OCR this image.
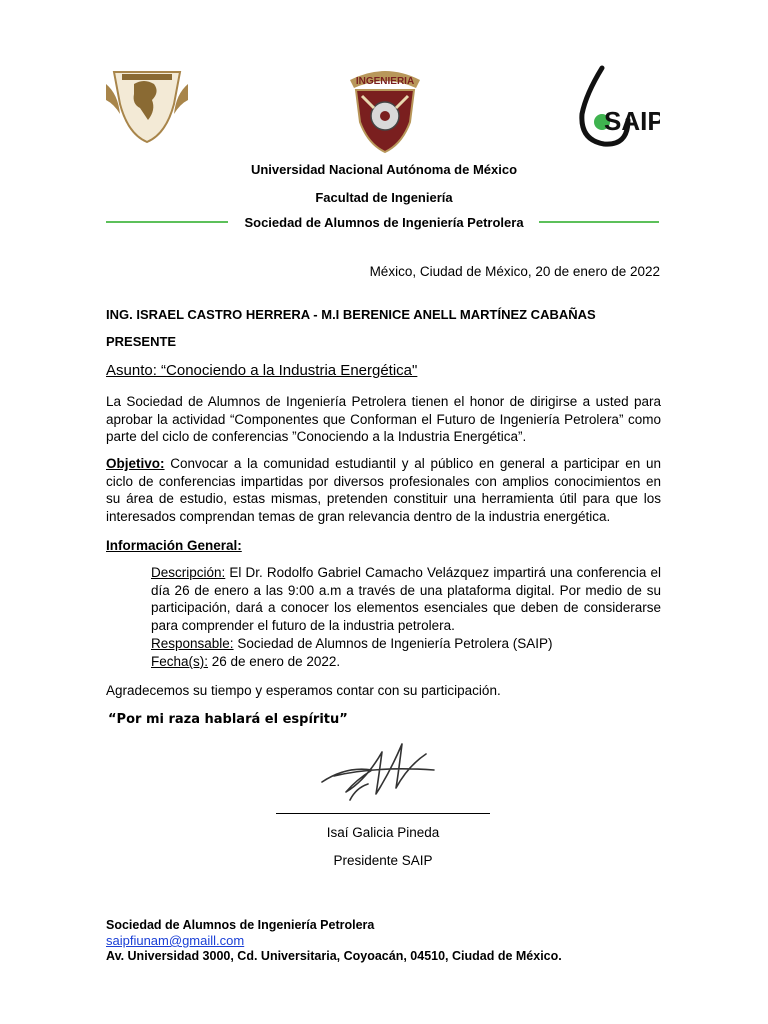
INGENIERIA
SAIP
Universidad Nacional Autónoma de México
Facultad de Ingeniería
Sociedad de Alumnos de Ingeniería Petrolera
México, Ciudad de México, 20 de enero de 2022
ING. ISRAEL CASTRO HERRERA - M.I BERENICE ANELL MARTÍNEZ CABAÑAS
PRESENTE
Asunto: “Conociendo a la Industria Energética"
La Sociedad de Alumnos de Ingeniería Petrolera tienen el honor de dirigirse a usted para aprobar la actividad “Componentes que Conforman el Futuro de Ingeniería Petrolera” como parte del ciclo de conferencias ”Conociendo a la Industria Energética”.
Objetivo: Convocar a la comunidad estudiantil y al público en general a participar en un ciclo de conferencias impartidas por diversos profesionales con amplios conocimientos en su área de estudio, estas mismas, pretenden constituir una herramienta útil para que los interesados comprendan temas de gran relevancia dentro de la industria energética.
Información General:
Descripción: El Dr. Rodolfo Gabriel Camacho Velázquez impartirá una conferencia el día 26 de enero a las 9:00 a.m a través de una plataforma digital. Por medio de su participación, dará a conocer los elementos esenciales que deben de considerarse para comprender el futuro de la industria petrolera.
Responsable: Sociedad de Alumnos de Ingeniería Petrolera (SAIP)
Fecha(s): 26 de enero de 2022.
Agradecemos su tiempo y esperamos contar con su participación.
“Por mi raza hablará el espíritu”
Isaí Galicia Pineda
Presidente SAIP
Sociedad de Alumnos de Ingeniería Petrolera
saipfiunam@gmaill.com
Av. Universidad 3000, Cd. Universitaria, Coyoacán, 04510, Ciudad de México.
